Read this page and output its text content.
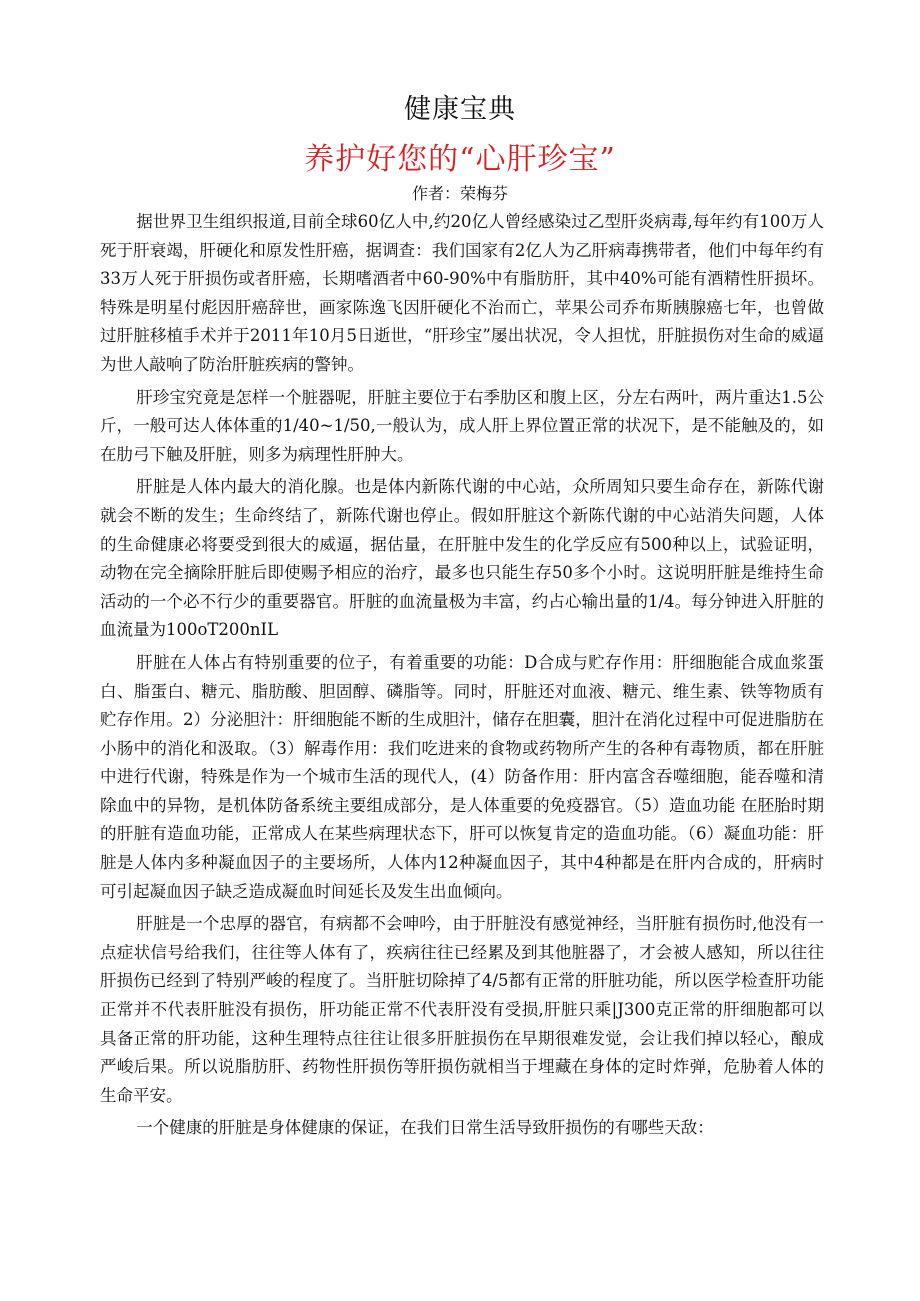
健康宝典
养护好您的“心肝珍宝”
作者：荣梅芬

据世界卫生组织报道,目前全球60亿人中,约20亿人曾经感染过乙型肝炎病毒,每年约有100万人死于肝衰竭，肝硬化和原发性肝癌，据调查：我们国家有2亿人为乙肝病毒携带者，他们中每年约有33万人死于肝损伤或者肝癌，长期嗜酒者中60-90%中有脂肪肝，其中40%可能有酒精性肝损坏。特殊是明星付彪因肝癌辞世，画家陈逸飞因肝硬化不治而亡，苹果公司乔布斯胰腺癌七年，也曾做过肝脏移植手术并于2011年10月5日逝世，“肝珍宝”屡出状况，令人担忧，肝脏损伤对生命的威逼为世人敲响了防治肝脏疾病的警钟。

肝珍宝究竟是怎样一个脏器呢，肝脏主要位于右季肋区和腹上区，分左右两叶，两片重达1.5公斤，一般可达人体体重的1/40~1/50,一般认为，成人肝上界位置正常的状况下，是不能触及的，如在肋弓下触及肝脏，则多为病理性肝肿大。

肝脏是人体内最大的消化腺。也是体内新陈代谢的中心站，众所周知只要生命存在，新陈代谢就会不断的发生；生命终结了，新陈代谢也停止。假如肝脏这个新陈代谢的中心站消失问题，人体的生命健康必将要受到很大的威逼，据估量，在肝脏中发生的化学反应有500种以上，试验证明，动物在完全摘除肝脏后即使赐予相应的治疗，最多也只能生存50多个小时。这说明肝脏是维持生命活动的一个必不行少的重要器官。肝脏的血流量极为丰富，约占心输出量的1/4。每分钟进入肝脏的血流量为100oT200nIL

肝脏在人体占有特别重要的位子，有着重要的功能：D合成与贮存作用：肝细胞能合成血浆蛋白、脂蛋白、糖元、脂肪酸、胆固醇、磷脂等。同时，肝脏还对血液、糖元、维生素、铁等物质有贮存作用。2）分泌胆汁：肝细胞能不断的生成胆汁，储存在胆囊，胆汁在消化过程中可促进脂肪在小肠中的消化和汲取。（3）解毒作用：我们吃进来的食物或药物所产生的各种有毒物质，都在肝脏中进行代谢，特殊是作为一个城市生活的现代人，(4）防备作用：肝内富含吞噬细胞，能吞噬和清除血中的异物，是机体防备系统主要组成部分，是人体重要的免疫器官。（5）造血功能 在胚胎时期的肝脏有造血功能，正常成人在某些病理状态下，肝可以恢复肯定的造血功能。（6）凝血功能：肝脏是人体内多种凝血因子的主要场所，人体内12种凝血因子，其中4种都是在肝内合成的，肝病时可引起凝血因子缺乏造成凝血时间延长及发生出血倾向。

肝脏是一个忠厚的器官，有病都不会呻吟，由于肝脏没有感觉神经，当肝脏有损伤时,他没有一点症状信号给我们，往往等人体有了，疾病往往已经累及到其他脏器了，才会被人感知，所以往往肝损伤已经到了特别严峻的程度了。当肝脏切除掉了4/5都有正常的肝脏功能，所以医学检查肝功能正常并不代表肝脏没有损伤，肝功能正常不代表肝没有受损,肝脏只乘|J300克正常的肝细胞都可以具备正常的肝功能，这种生理特点往往让很多肝脏损伤在早期很难发觉，会让我们掉以轻心，酿成严峻后果。所以说脂肪肝、药物性肝损伤等肝损伤就相当于埋藏在身体的定时炸弹，危胁着人体的生命平安。

一个健康的肝脏是身体健康的保证，在我们日常生活导致肝损伤的有哪些天敌：
